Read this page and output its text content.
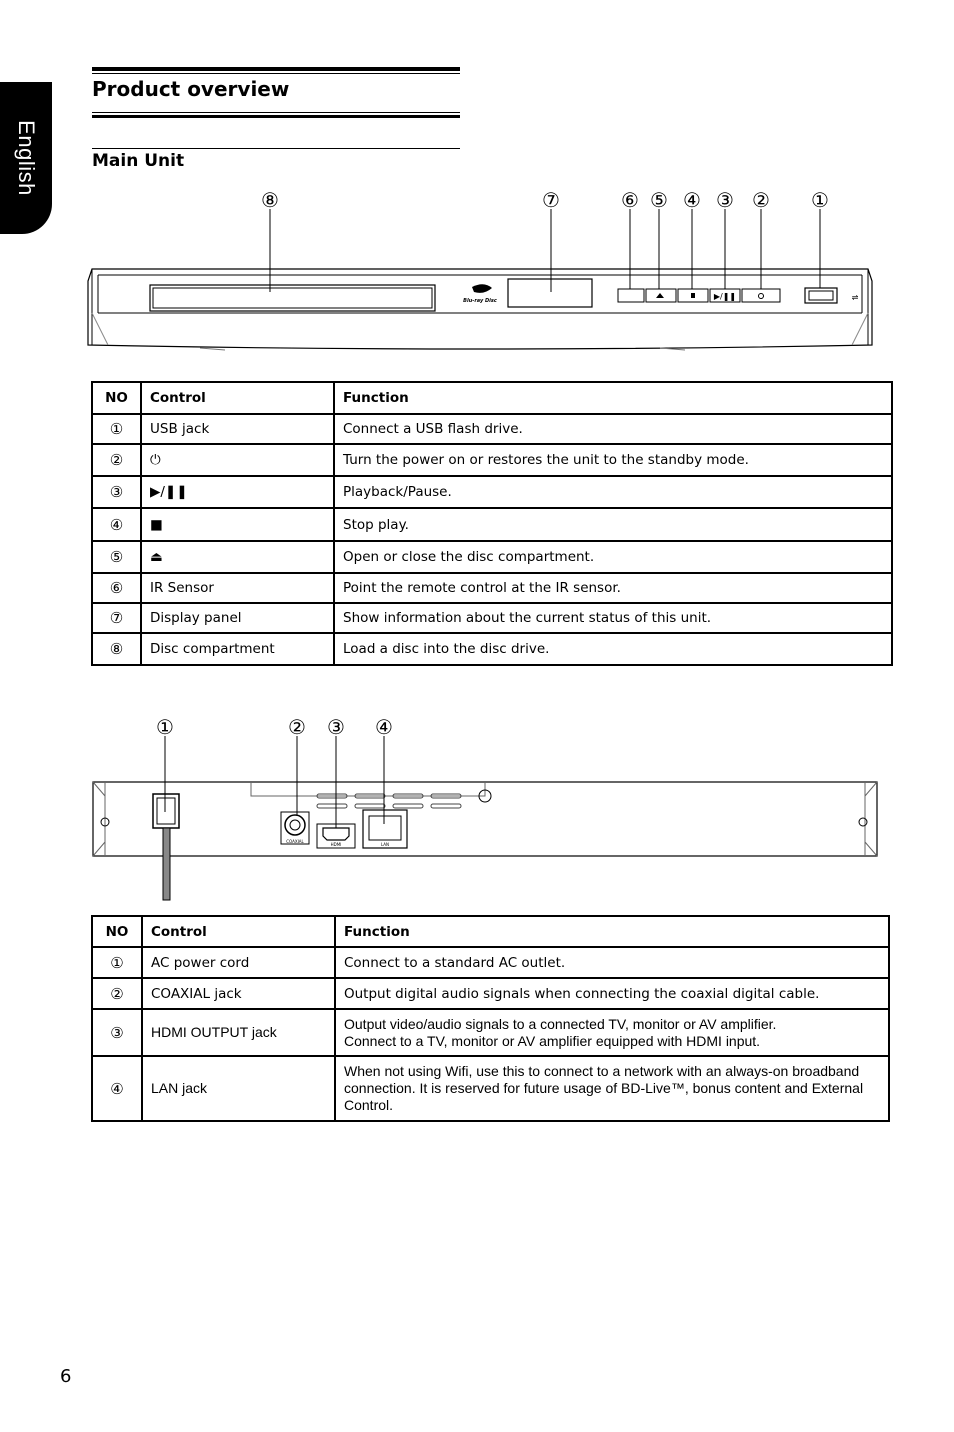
English
Product overview
Main Unit
▶/❚❚	⇌
Blu-ray Disc
⑧	⑦	⑥ ⑤ ④ ③ ② ①
NO	Control	Function
①	USB jack	Connect a USB flash drive.
②	⏻	Turn the power on or restores the unit to the standby mode.
③	▶/❚❚	Playback/Pause.
④	■	Stop play.
⑤	⏏	Open or close the disc compartment.
⑥	IR Sensor	Point the remote control at the IR sensor.
⑦	Display panel	Show information about the current status of this unit.
⑧	Disc compartment	Load a disc into the disc drive.
COAXIAL
HDMI	LAN
①	② ③ ④
NO	Control	Function
①	AC power cord	Connect to a standard AC outlet.
②	COAXIAL jack	Output digital audio signals when connecting the coaxial digital cable.
③	HDMI OUTPUT jack	Output video/audio signals to a connected TV, monitor or AV amplifier.
Connect to a TV, monitor or AV amplifier equipped with HDMI input.

④	LAN jack	When not using Wifi, use this to connect to a network with an always-on broadband
connection. It is reserved for future usage of BD-Live™, bonus content and External
Control.
6
